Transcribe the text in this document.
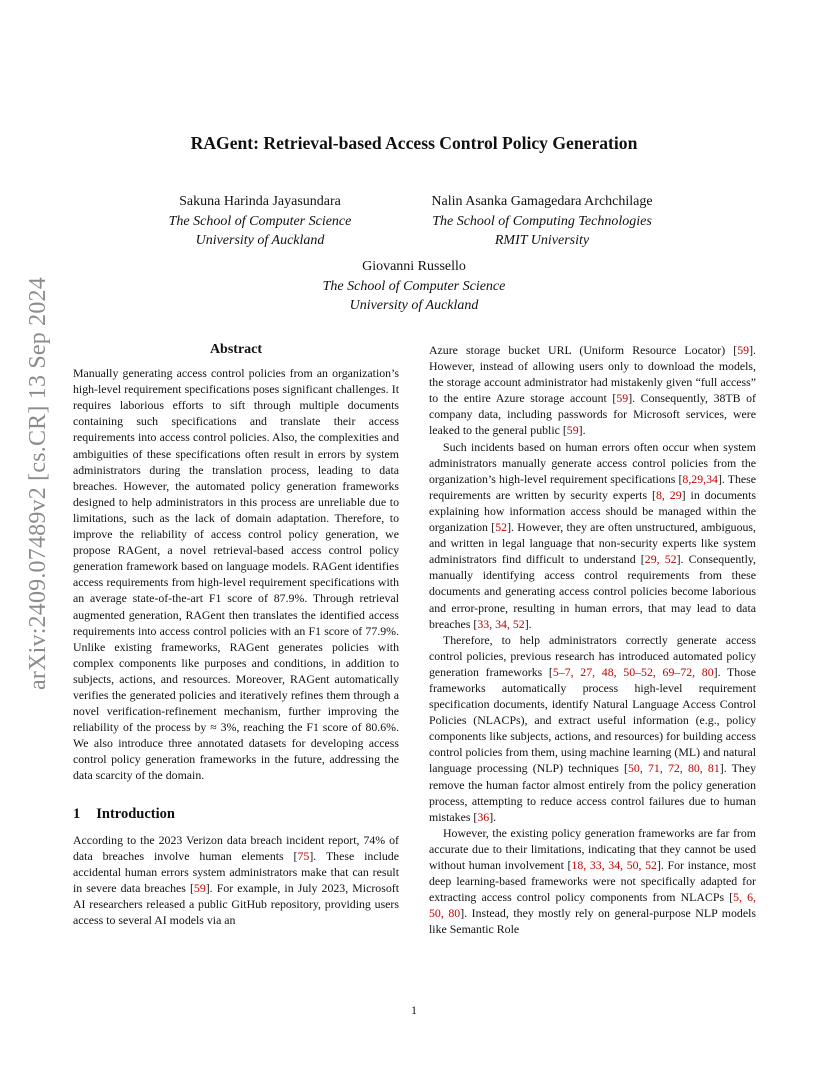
arXiv:2409.07489v2 [cs.CR] 13 Sep 2024
RAGent: Retrieval-based Access Control Policy Generation
Sakuna Harinda Jayasundara
The School of Computer Science
University of Auckland
Nalin Asanka Gamagedara Archchilage
The School of Computing Technologies
RMIT University
Giovanni Russello
The School of Computer Science
University of Auckland
Abstract

Manually generating access control policies from an organization’s high-level requirement specifications poses significant challenges. It requires laborious efforts to sift through multiple documents containing such specifications and translate their access requirements into access control policies. Also, the complexities and ambiguities of these specifications often result in errors by system administrators during the translation process, leading to data breaches. However, the automated policy generation frameworks designed to help administrators in this process are unreliable due to limitations, such as the lack of domain adaptation. Therefore, to improve the reliability of access control policy generation, we propose RAGent, a novel retrieval-based access control policy generation framework based on language models. RAGent identifies access requirements from high-level requirement specifications with an average state-of-the-art F1 score of 87.9%. Through retrieval augmented generation, RAGent then translates the identified access requirements into access control policies with an F1 score of 77.9%. Unlike existing frameworks, RAGent generates policies with complex components like purposes and conditions, in addition to subjects, actions, and resources. Moreover, RAGent automatically verifies the generated policies and iteratively refines them through a novel verification-refinement mechanism, further improving the reliability of the process by ≈ 3%, reaching the F1 score of 80.6%. We also introduce three annotated datasets for developing access control policy generation frameworks in the future, addressing the data scarcity of the domain.

1 Introduction

According to the 2023 Verizon data breach incident report, 74% of data breaches involve human elements [75]. These include accidental human errors system administrators make that can result in severe data breaches [59]. For example, in July 2023, Microsoft AI researchers released a public GitHub repository, providing users access to several AI models via an

Azure storage bucket URL (Uniform Resource Locator) [59]. However, instead of allowing users only to download the models, the storage account administrator had mistakenly given “full access” to the entire Azure storage account [59]. Consequently, 38TB of company data, including passwords for Microsoft services, were leaked to the general public [59].

Such incidents based on human errors often occur when system administrators manually generate access control policies from the organization’s high-level requirement specifications [8,29,34]. These requirements are written by security experts [8, 29] in documents explaining how information access should be managed within the organization [52]. However, they are often unstructured, ambiguous, and written in legal language that non-security experts like system administrators find difficult to understand [29, 52]. Consequently, manually identifying access control requirements from these documents and generating access control policies become laborious and error-prone, resulting in human errors, that may lead to data breaches [33, 34, 52].

Therefore, to help administrators correctly generate access control policies, previous research has introduced automated policy generation frameworks [5–7, 27, 48, 50–52, 69–72, 80]. Those frameworks automatically process high-level requirement specification documents, identify Natural Language Access Control Policies (NLACPs), and extract useful information (e.g., policy components like subjects, actions, and resources) for building access control policies from them, using machine learning (ML) and natural language processing (NLP) techniques [50, 71, 72, 80, 81]. They remove the human factor almost entirely from the policy generation process, attempting to reduce access control failures due to human mistakes [36].

However, the existing policy generation frameworks are far from accurate due to their limitations, indicating that they cannot be used without human involvement [18, 33, 34, 50, 52]. For instance, most deep learning-based frameworks were not specifically adapted for extracting access control policy components from NLACPs [5, 6, 50, 80]. Instead, they mostly rely on general-purpose NLP models like Semantic Role

1
